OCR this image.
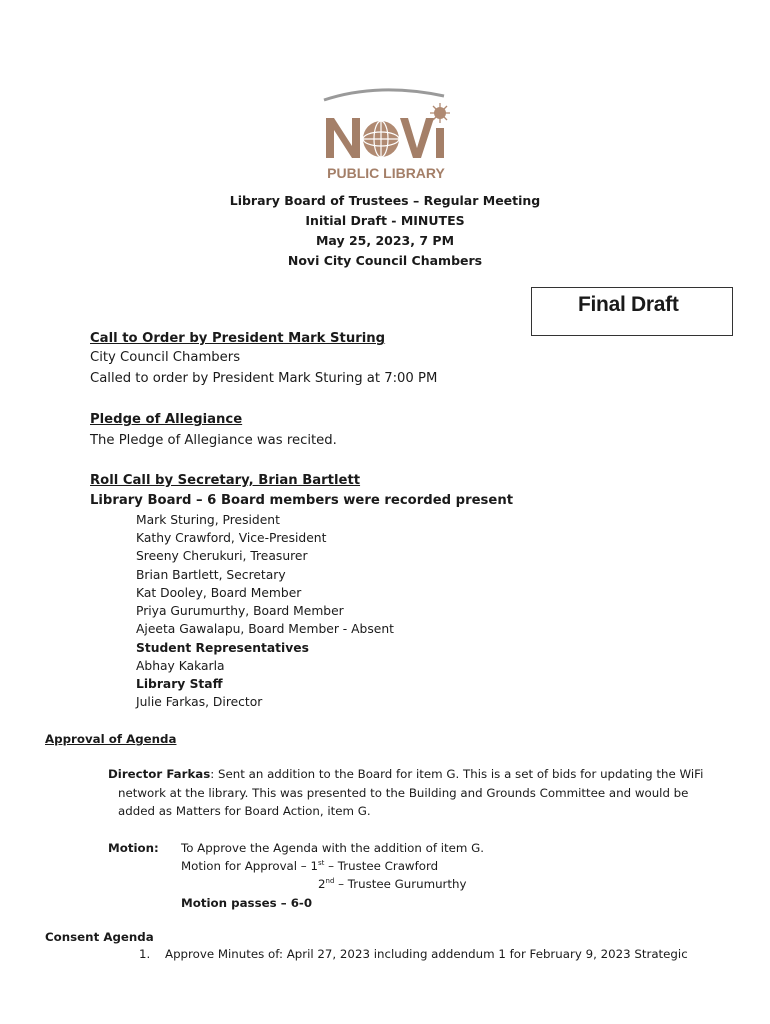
PUBLIC LIBRARY
Library Board of Trustees – Regular Meeting
Initial Draft - MINUTES
May 25, 2023, 7 PM
Novi City Council Chambers
Final Draft
Call to Order by President Mark Sturing
City Council Chambers
Called to order by President Mark Sturing at 7:00 PM
Pledge of Allegiance
The Pledge of Allegiance was recited.
Roll Call by Secretary, Brian Bartlett
Library Board – 6 Board members were recorded present
Mark Sturing, President
Kathy Crawford, Vice-President
Sreeny Cherukuri, Treasurer
Brian Bartlett, Secretary
Kat Dooley, Board Member
Priya Gurumurthy, Board Member
Ajeeta Gawalapu, Board Member - Absent
Student Representatives
Abhay Kakarla
Library Staff
Julie Farkas, Director
Approval of Agenda
Director Farkas: Sent an addition to the Board for item G. This is a set of bids for updating the WiFi
network at the library. This was presented to the Building and Grounds Committee and would be
added as Matters for Board Action, item G.
Motion: To Approve the Agenda with the addition of item G.
Motion for Approval – 1st – Trustee Crawford
2nd – Trustee Gurumurthy
Motion passes – 6-0
Consent Agenda
1. Approve Minutes of: April 27, 2023 including addendum 1 for February 9, 2023 Strategic
